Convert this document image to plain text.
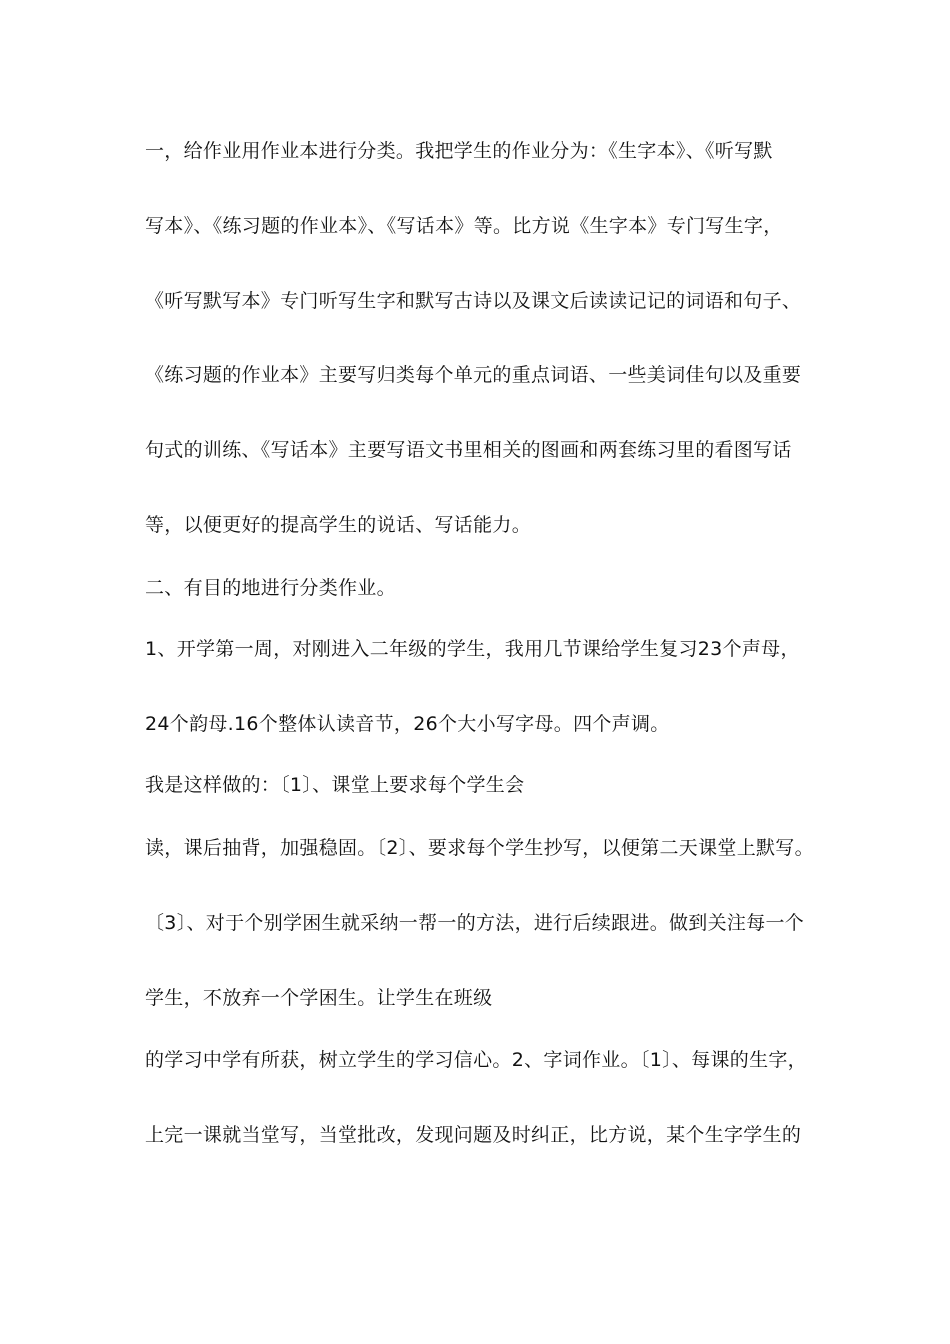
一，给作业用作业本进行分类。我把学生的作业分为：《生字本》、《听写默
写本》、《练习题的作业本》、《写话本》等。比方说《生字本》专门写生字，
《听写默写本》专门听写生字和默写古诗以及课文后读读记记的词语和句子、
《练习题的作业本》主要写归类每个单元的重点词语、一些美词佳句以及重要
句式的训练、《写话本》主要写语文书里相关的图画和两套练习里的看图写话
等，以便更好的提高学生的说话、写话能力。
二、有目的地进行分类作业。
1、开学第一周，对刚进入二年级的学生，我用几节课给学生复习23个声母，
24个韵母.16个整体认读音节，26个大小写字母。四个声调。
我是这样做的：〔1〕、课堂上要求每个学生会
读，课后抽背，加强稳固。〔2〕、要求每个学生抄写，以便第二天课堂上默写。
〔3〕、对于个别学困生就采纳一帮一的方法，进行后续跟进。做到关注每一个
学生，不放弃一个学困生。让学生在班级
的学习中学有所获，树立学生的学习信心。2、字词作业。〔1〕、每课的生字，
上完一课就当堂写，当堂批改，发现问题及时纠正，比方说，某个生字学生的
